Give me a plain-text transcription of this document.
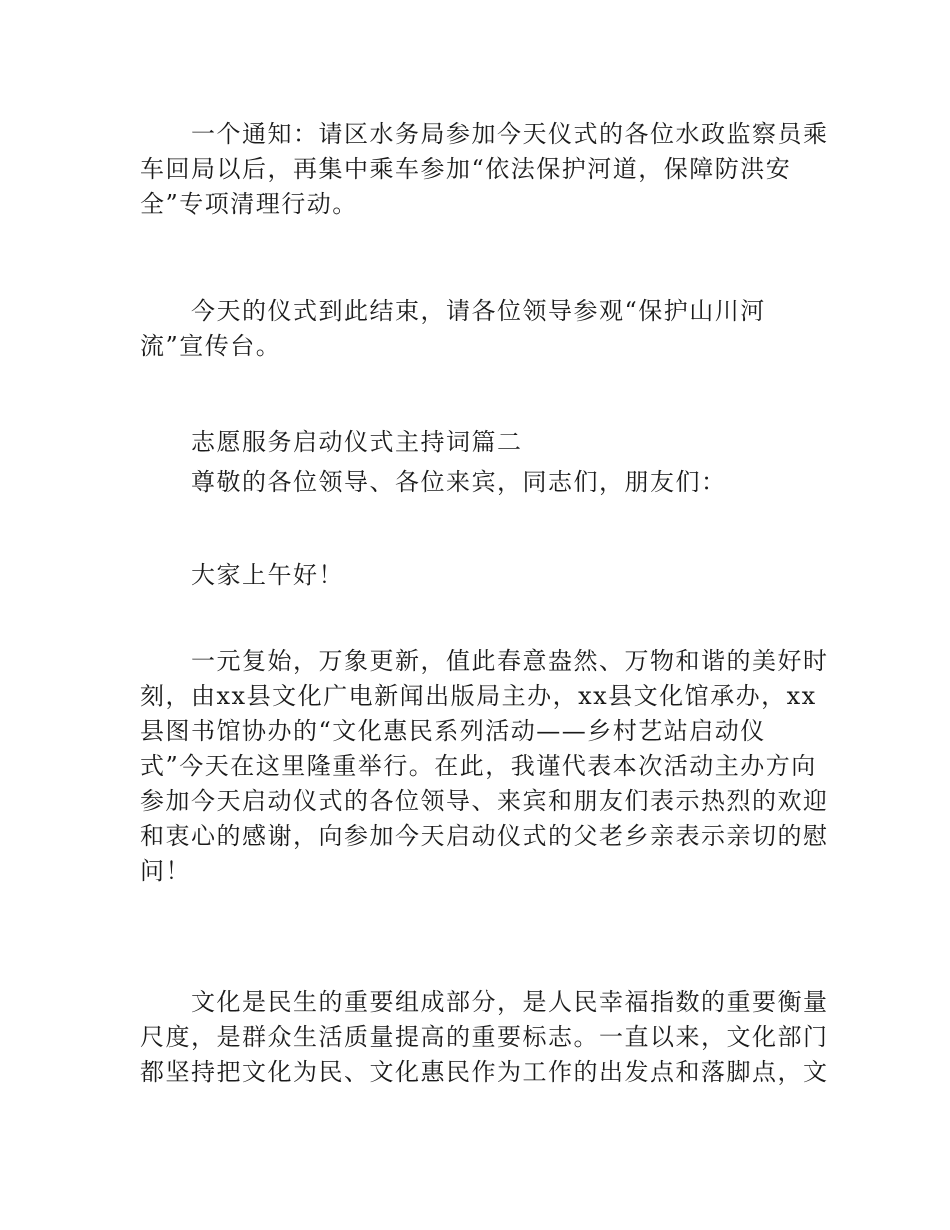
一个通知：请区水务局参加今天仪式的各位水政监察员乘
车回局以后，再集中乘车参加“依法保护河道，保障防洪安
全”专项清理行动。

今天的仪式到此结束，请各位领导参观“保护山川河
流”宣传台。

志愿服务启动仪式主持词篇二

尊敬的各位领导、各位来宾，同志们，朋友们：

大家上午好！

一元复始，万象更新，值此春意盎然、万物和谐的美好时
刻，由xx县文化广电新闻出版局主办，xx县文化馆承办，xx
县图书馆协办的“文化惠民系列活动——乡村艺站启动仪
式”今天在这里隆重举行。在此，我谨代表本次活动主办方向
参加今天启动仪式的各位领导、来宾和朋友们表示热烈的欢迎
和衷心的感谢，向参加今天启动仪式的父老乡亲表示亲切的慰
问！

文化是民生的重要组成部分，是人民幸福指数的重要衡量
尺度，是群众生活质量提高的重要标志。一直以来，文化部门
都坚持把文化为民、文化惠民作为工作的出发点和落脚点，文
